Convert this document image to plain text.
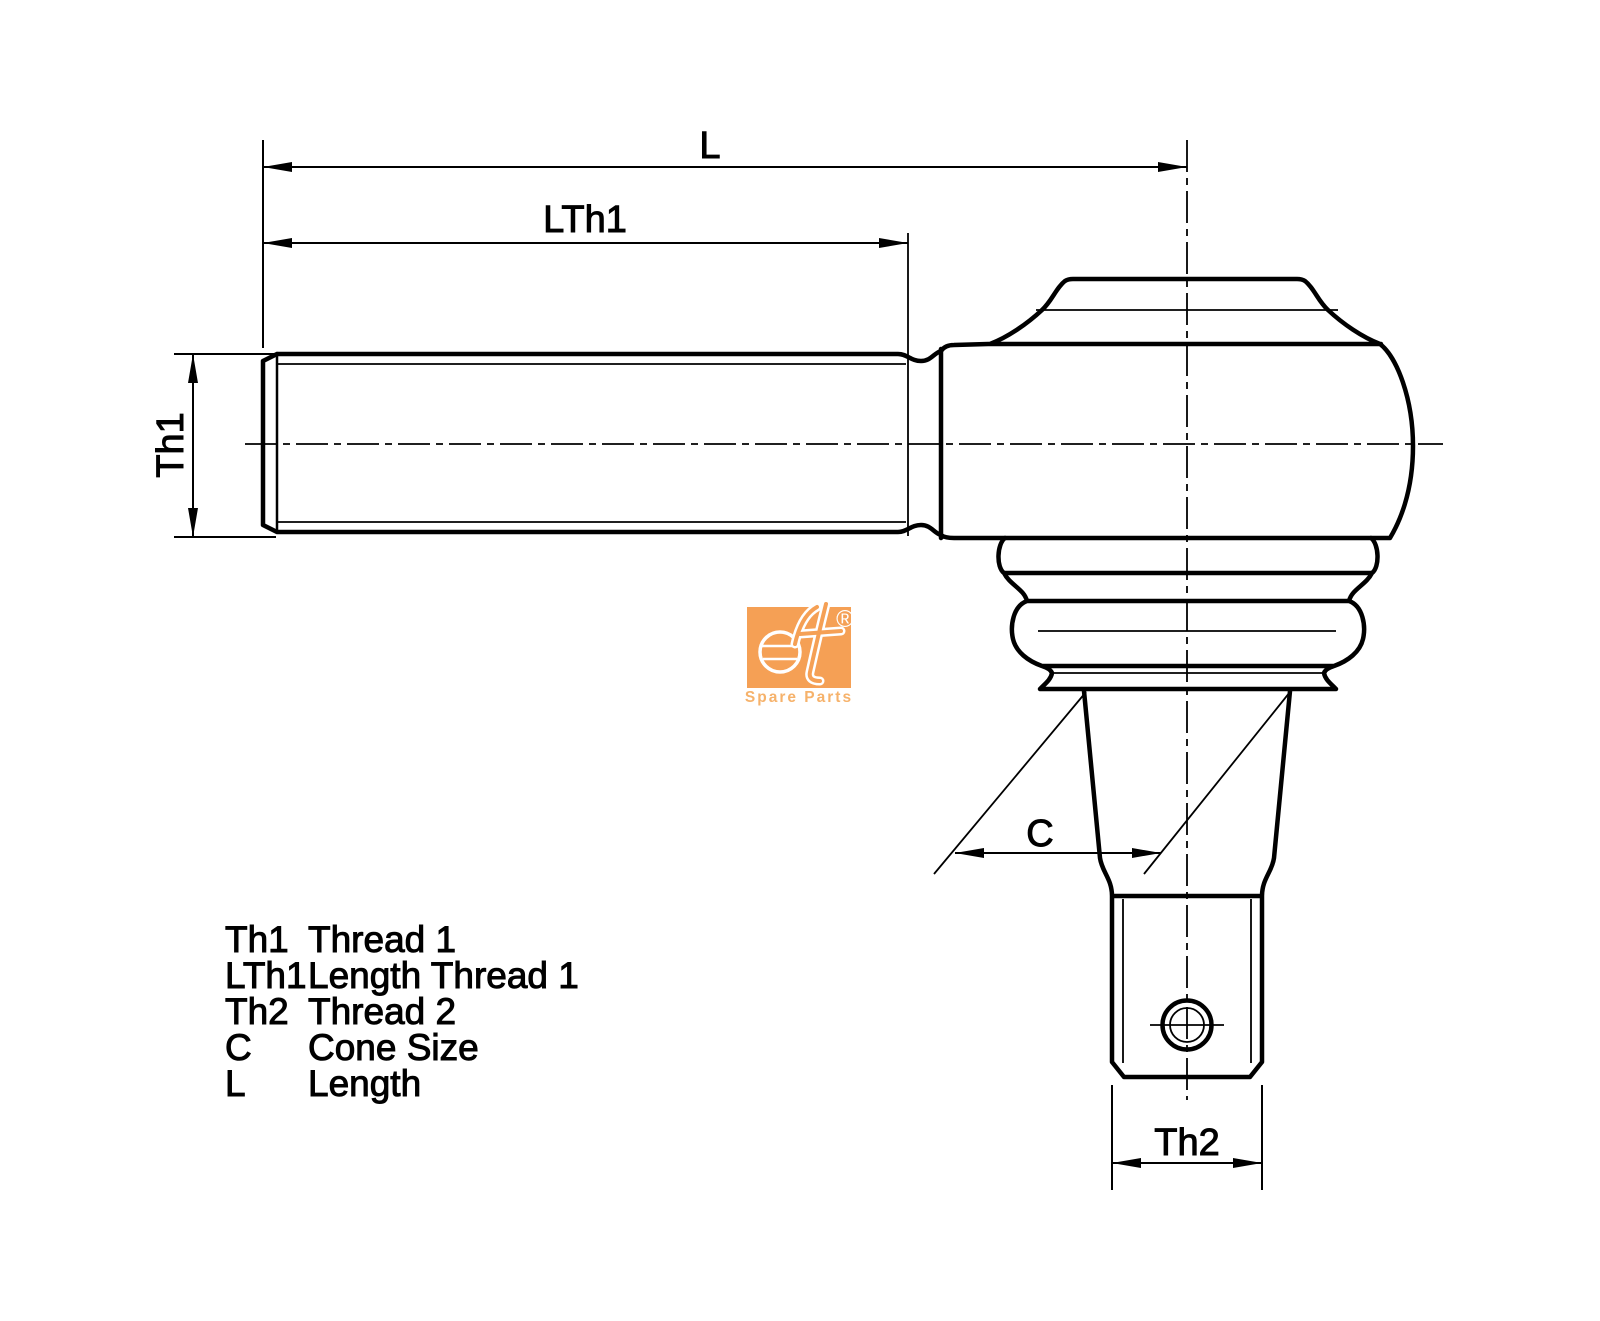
L
LTh1
Th1
C
Th2
Th1 Thread 1
LTh1 Length Thread 1
Th2 Thread 2
C Cone Size
L Length
®
Spare Parts
